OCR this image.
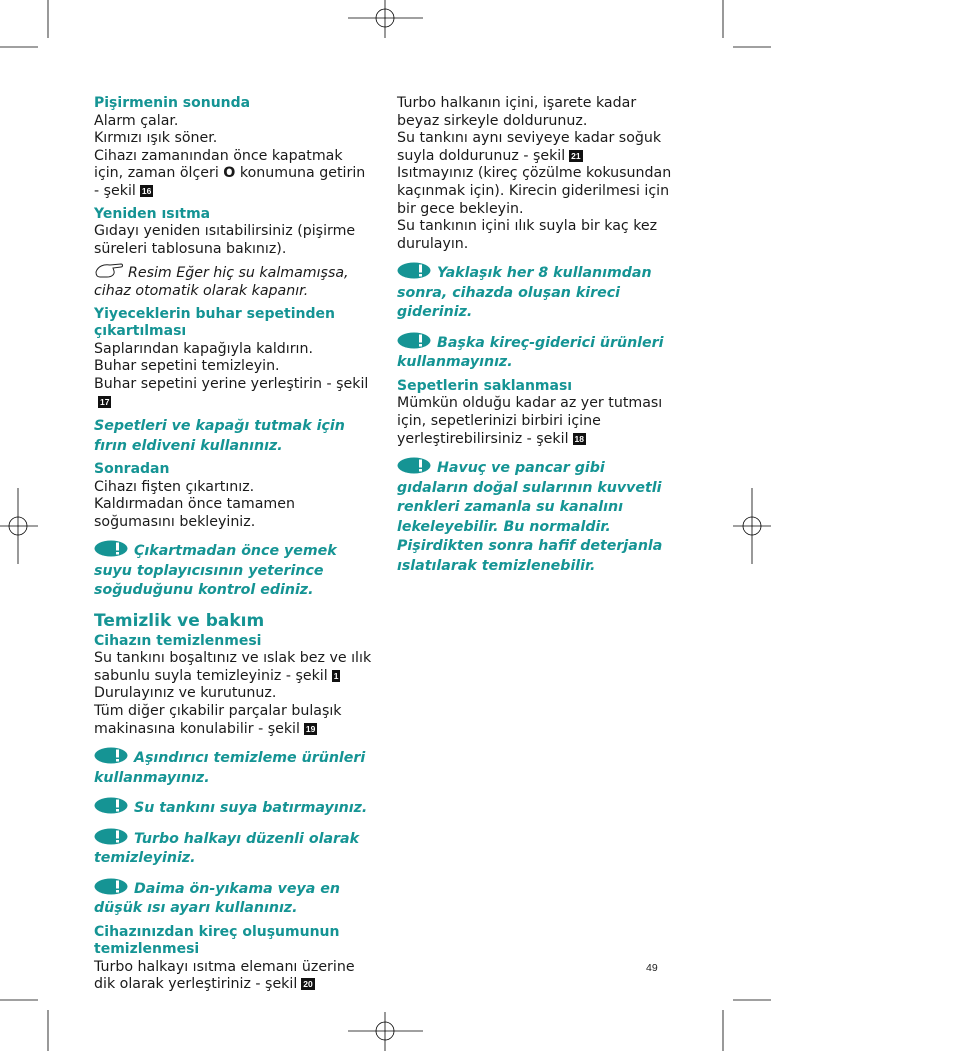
Pişirmenin sonunda

Alarm çalar.

Kırmızı ışık söner.

Cihazı zamanından önce kapatmak için, zaman ölçeri O konumuna getirin
- şekil 16

Yeniden ısıtma

Gıdayı yeniden ısıtabilirsiniz (pişirme süreleri tablosuna bakınız).

Resim Eğer hiç su kalmamışsa, cihaz otomatik olarak kapanır.
Yiyeceklerin buhar sepetinden çıkartılması

Saplarından kapağıyla kaldırın.

Buhar sepetini temizleyin.

Buhar sepetini yerine yerleştirin - şekil17

Sepetleri ve kapağı tutmak için fırın eldiveni kullanınız.
Sonradan

Cihazı fişten çıkartınız.

Kaldırmadan önce tamamen soğumasını bekleyiniz.

Çıkartmadan önce yemek suyu toplayıcısının yeterince soğuduğunu kontrol ediniz.
Temizlik ve bakım
Cihazın temizlenmesi

Su tankını boşaltınız ve ıslak bez ve ılık sabunlu suyla temizleyiniz - şekil 1

Durulayınız ve kurutunuz.

Tüm diğer çıkabilir parçalar bulaşık makinasına konulabilir - şekil 19

Aşındırıcı temizleme ürünleri kullanmayınız.
Su tankını suya batırmayınız.
Turbo halkayı düzenli olarak temizleyiniz.
Daima ön-yıkama veya en düşük ısı ayarı kullanınız.
Cihazınızdan kireç oluşumunun temizlenmesi

Turbo halkayı ısıtma elemanı üzerine dik olarak yerleştiriniz - şekil 20

Turbo halkanın içini, işarete kadar beyaz sirkeyle doldurunuz.

Su tankını aynı seviyeye kadar soğuk suyla doldurunuz - şekil 21

Isıtmayınız (kireç çözülme kokusundan kaçınmak için). Kirecin giderilmesi için bir gece bekleyin.

Su tankının içini ılık suyla bir kaç kez durulayın.

Yaklaşık her 8 kullanımdan sonra, cihazda oluşan kireci gideriniz.
Başka kireç-giderici ürünleri kullanmayınız.
Sepetlerin saklanması

Mümkün olduğu kadar az yer tutması için, sepetlerinizi birbiri içine yerleştirebilirsiniz - şekil 18

Havuç ve pancar gibi gıdaların doğal sularının kuvvetli renkleri zamanla su kanalını lekeleyebilir. Bu normaldir. Pişirdikten sonra hafif deterjanla ıslatılarak temizlenebilir.
49
